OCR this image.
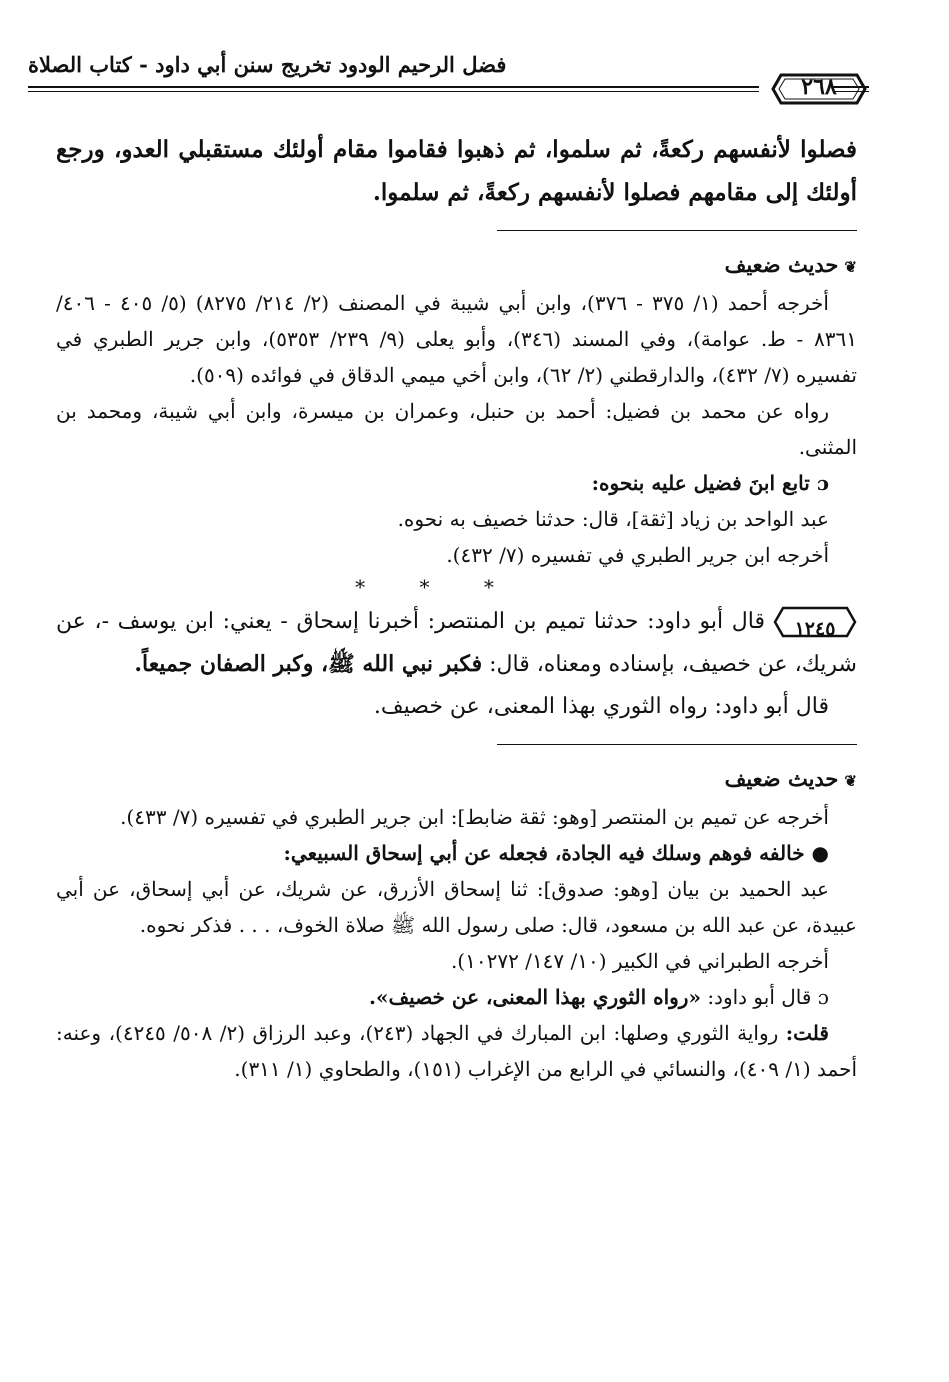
فضل الرحيم الودود تخريج سنن أبي داود - كتاب الصلاة
٢٦٨

فصلوا لأنفسهم ركعةً، ثم سلموا، ثم ذهبوا فقاموا مقام أولئك مستقبلي العدو، ورجع أولئك إلى مقامهم فصلوا لأنفسهم ركعةً، ثم سلموا.

❦حديث ضعيف

أخرجه أحمد (١/ ٣٧٥ - ٣٧٦)، وابن أبي شيبة في المصنف (٢/ ٢١٤/ ٨٢٧٥) (٥/ ٤٠٥ - ٤٠٦/ ٨٣٦١ - ط. عوامة)، وفي المسند (٣٤٦)، وأبو يعلى (٩/ ٢٣٩/ ٥٣٥٣)، وابن جرير الطبري في تفسيره (٧/ ٤٣٢)، والدارقطني (٢/ ٦٢)، وابن أخي ميمي الدقاق في فوائده (٥٠٩).

رواه عن محمد بن فضيل: أحمد بن حنبل، وعمران بن ميسرة، وابن أبي شيبة، ومحمد بن المثنى.

ɔ تابع ابنَ فضيل عليه بنحوه:

عبد الواحد بن زياد [ثقة]، قال: حدثنا خصيف به نحوه.

أخرجه ابن جرير الطبري في تفسيره (٧/ ٤٣٢).

* * *

١٢٤٥
قال أبو داود: حدثنا تميم بن المنتصر: أخبرنا إسحاق - يعني: ابن يوسف -، عن شريك، عن خصيف، بإسناده ومعناه، قال: فكبر نبي الله ﷺ، وكبر الصفان جميعاً.

قال أبو داود: رواه الثوري بهذا المعنى، عن خصيف.

❦حديث ضعيف

أخرجه عن تميم بن المنتصر [وهو: ثقة ضابط]: ابن جرير الطبري في تفسيره (٧/ ٤٣٣).

● خالفه فوهم وسلك فيه الجادة، فجعله عن أبي إسحاق السبيعي:

عبد الحميد بن بيان [وهو: صدوق]: ثنا إسحاق الأزرق، عن شريك، عن أبي إسحاق، عن أبي عبيدة، عن عبد الله بن مسعود، قال: صلى رسول الله ﷺ صلاة الخوف، . . . فذكر نحوه.

أخرجه الطبراني في الكبير (١٠/ ١٤٧/ ١٠٢٧٢).

ɔ قال أبو داود: «رواه الثوري بهذا المعنى، عن خصيف».

قلت: رواية الثوري وصلها: ابن المبارك في الجهاد (٢٤٣)، وعبد الرزاق (٢/ ٥٠٨/ ٤٢٤٥)، وعنه: أحمد (١/ ٤٠٩)، والنسائي في الرابع من الإغراب (١٥١)، والطحاوي (١/ ٣١١).
